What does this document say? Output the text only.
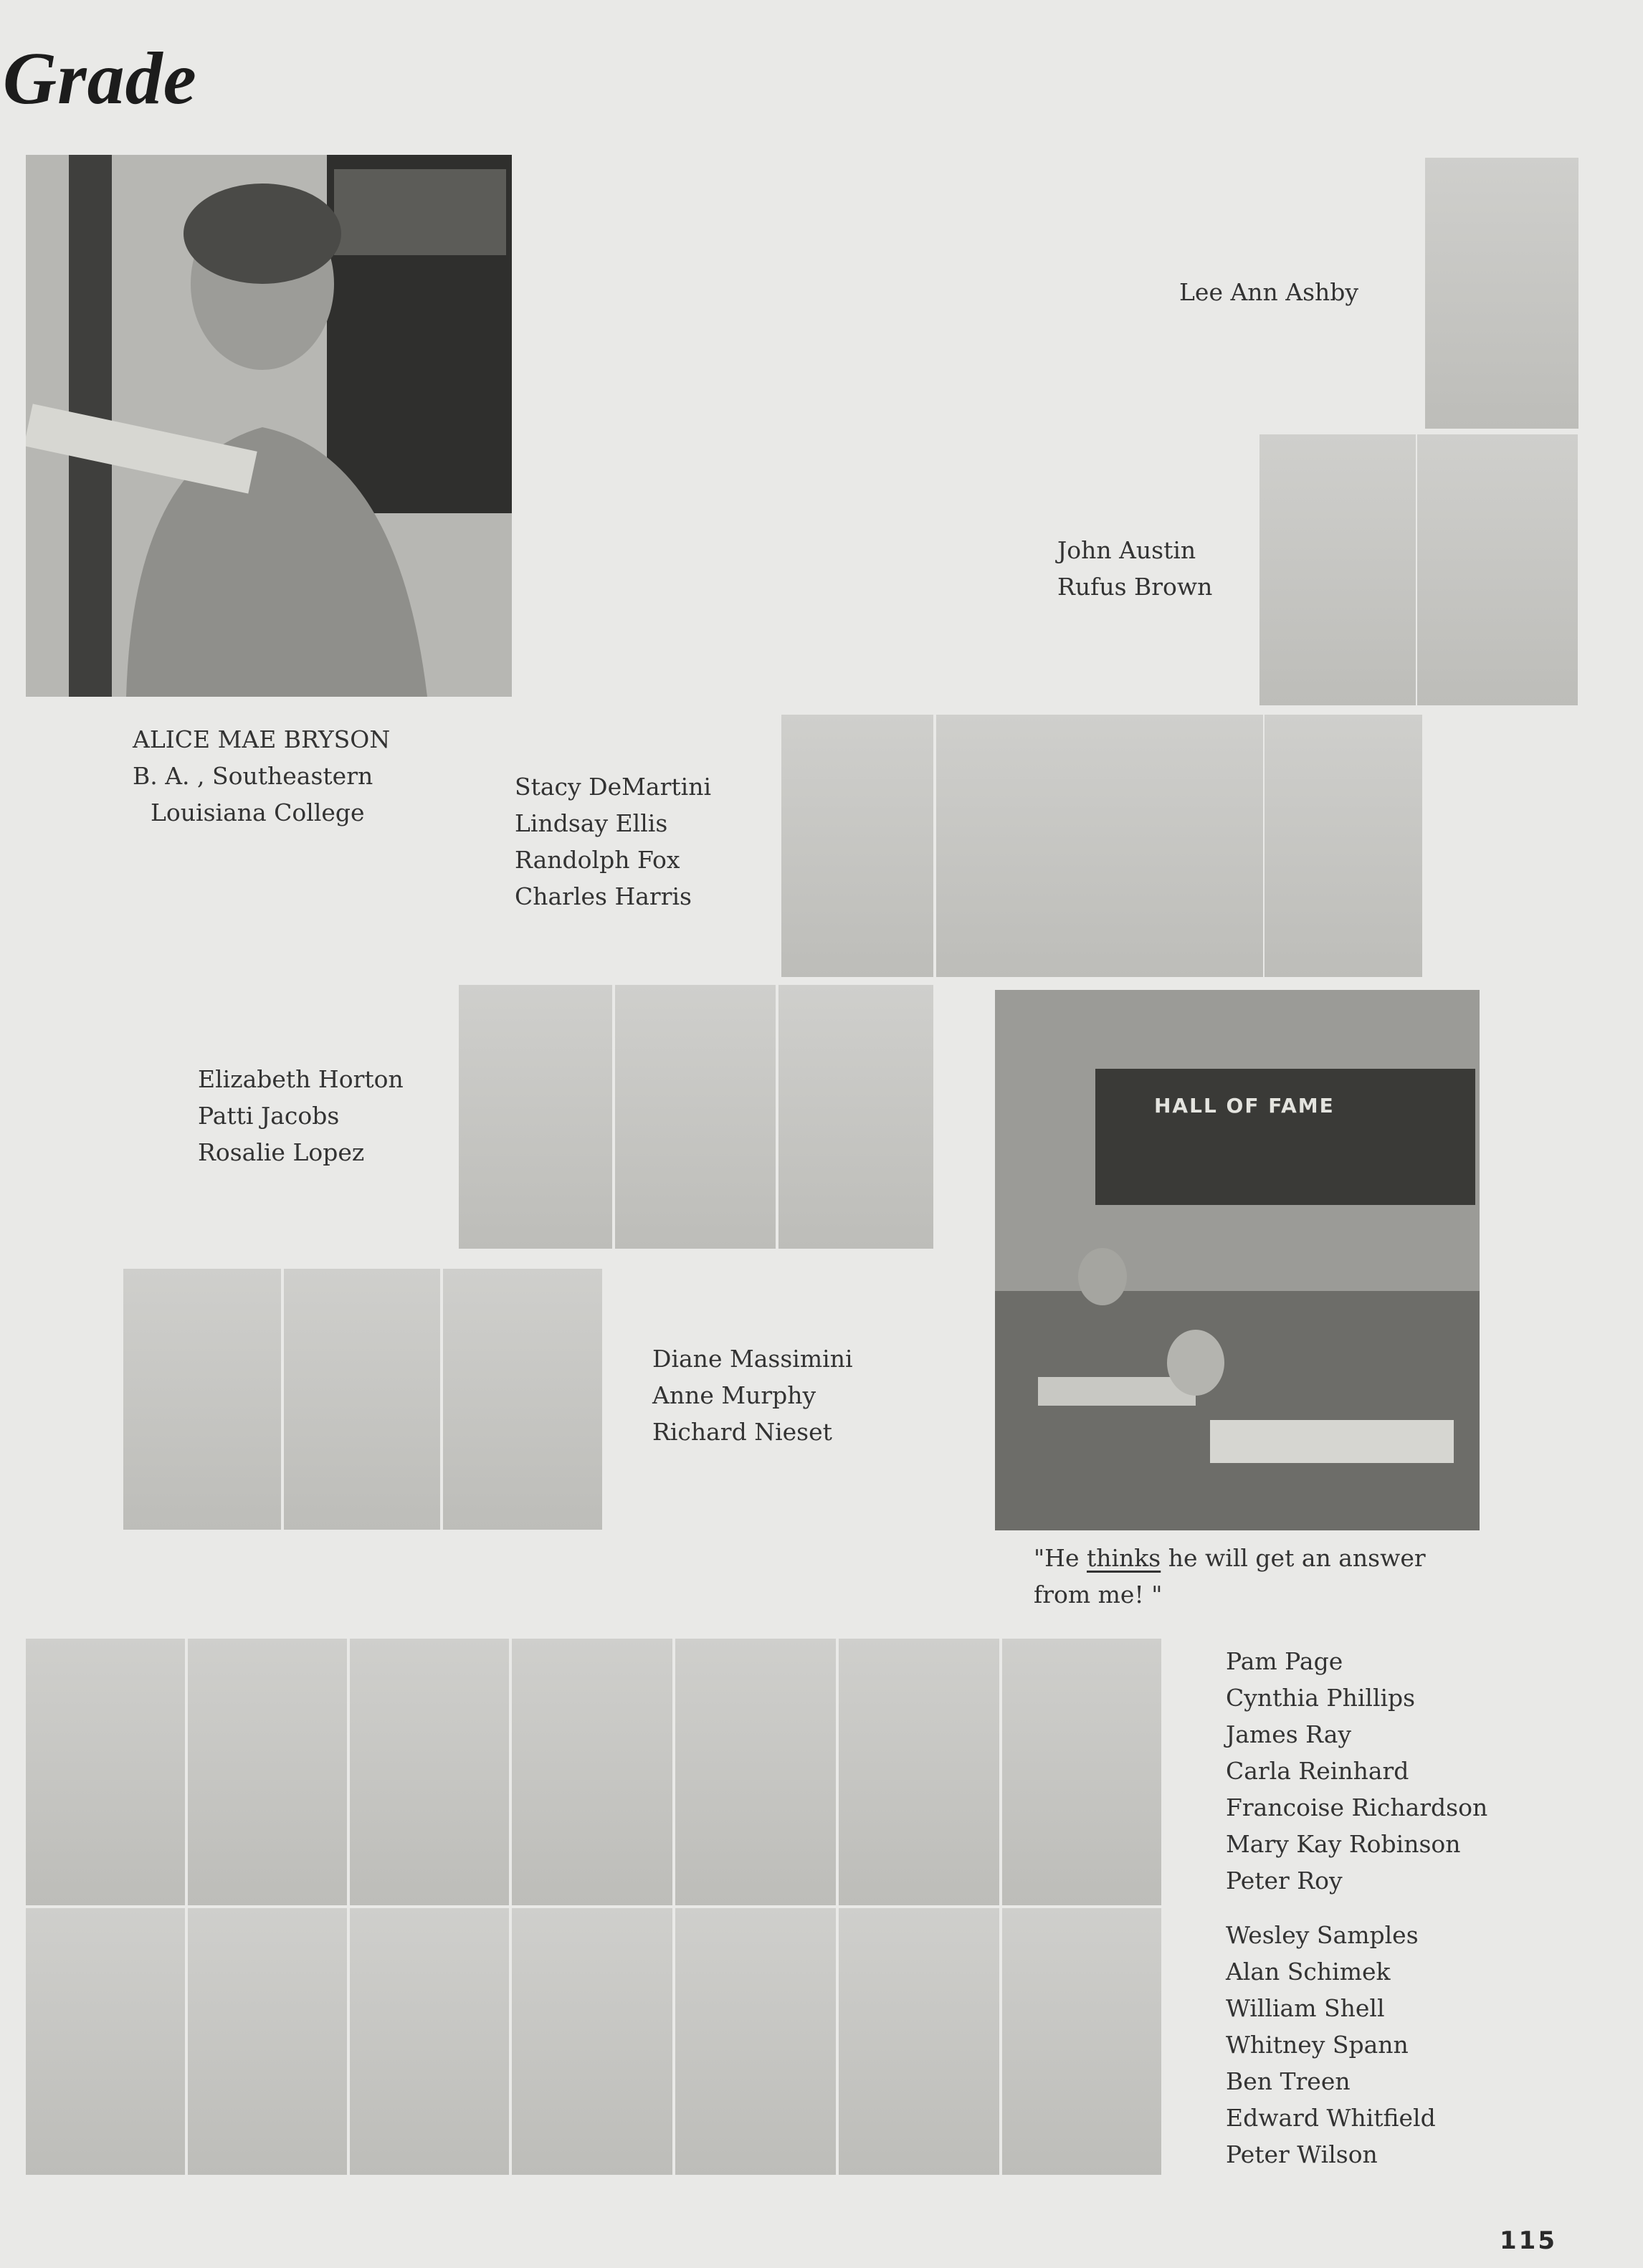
Grade
ALICE MAE BRYSON
B. A. , Southeastern
Louisiana College
Lee Ann Ashby
John Austin
Rufus Brown
Stacy DeMartini
Lindsay Ellis
Randolph Fox
Charles Harris
Elizabeth Horton
Patti Jacobs
Rosalie Lopez
HALL OF FAME
"He thinks he will get an answer
from me! "
Diane Massimini
Anne Murphy
Richard Nieset
Pam Page
Cynthia Phillips
James Ray
Carla Reinhard
Francoise Richardson
Mary Kay Robinson
Peter Roy
Wesley Samples
Alan Schimek
William Shell
Whitney Spann
Ben Treen
Edward Whitfield
Peter Wilson
115
